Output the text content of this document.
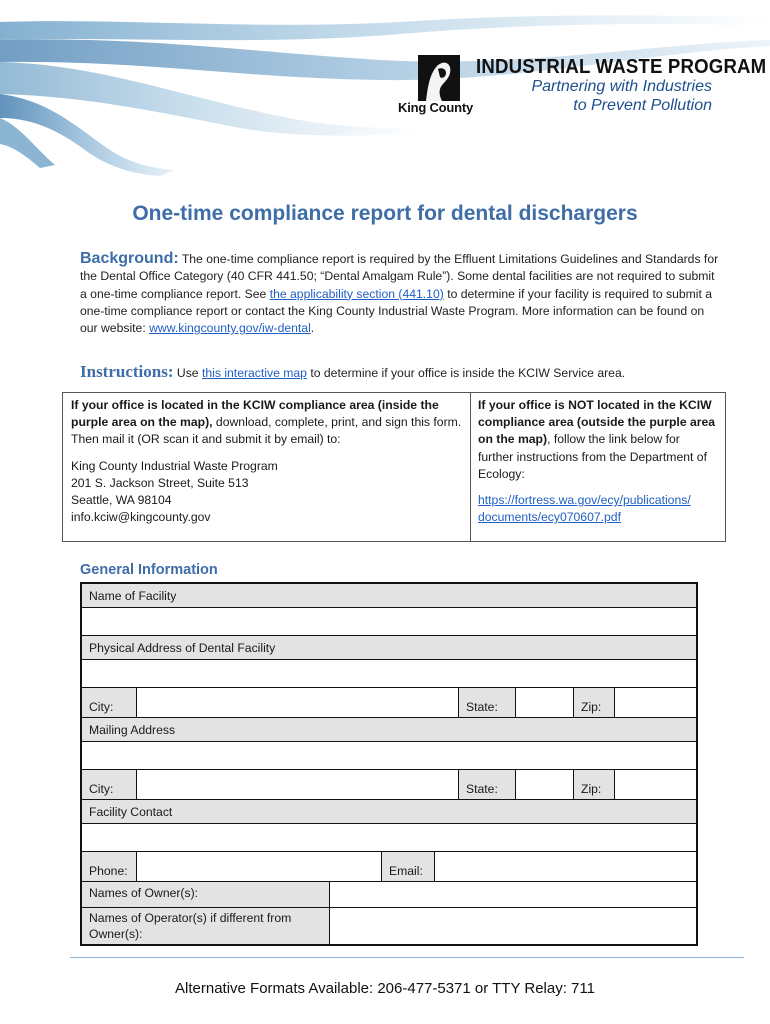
King County
INDUSTRIAL WASTE PROGRAM
Partnering with Industries
to Prevent Pollution
One-time compliance report for dental dischargers

Background: The one-time compliance report is required by the Effluent Limitations Guidelines and Standards for the Dental Office Category (40 CFR 441.50; “Dental Amalgam Rule”). Some dental facilities are not required to submit a one-time compliance report. See the applicability section (441.10) to determine if your facility is required to submit a one-time compliance report or contact the King County Industrial Waste Program. More information can be found on our website: www.kingcounty.gov/iw-dental.

Instructions: Use this interactive map to determine if your office is inside the KCIW Service area.

If your office is located in the KCIW compliance area (inside the purple area on the map), download, complete, print, and sign this form. Then mail it (OR scan it and submit it by email) to:
King County Industrial Waste Program
201 S. Jackson Street, Suite 513
Seattle, WA 98104
info.kciw@kingcounty.gov
If your office is NOT located in the KCIW compliance area (outside the purple area on the map), follow the link below for further instructions from the Department of Ecology:
https://fortress.wa.gov/ecy/publications/
documents/ecy070607.pdf
General Information
Name of Facility
Physical Address of Dental Facility
City:	State:	Zip:
Mailing Address
City:	State:	Zip:
Facility Contact
Phone:	Email:
Names of Owner(s):
Names of Operator(s) if different from Owner(s):
Alternative Formats Available: 206-477-5371 or TTY Relay: 711
